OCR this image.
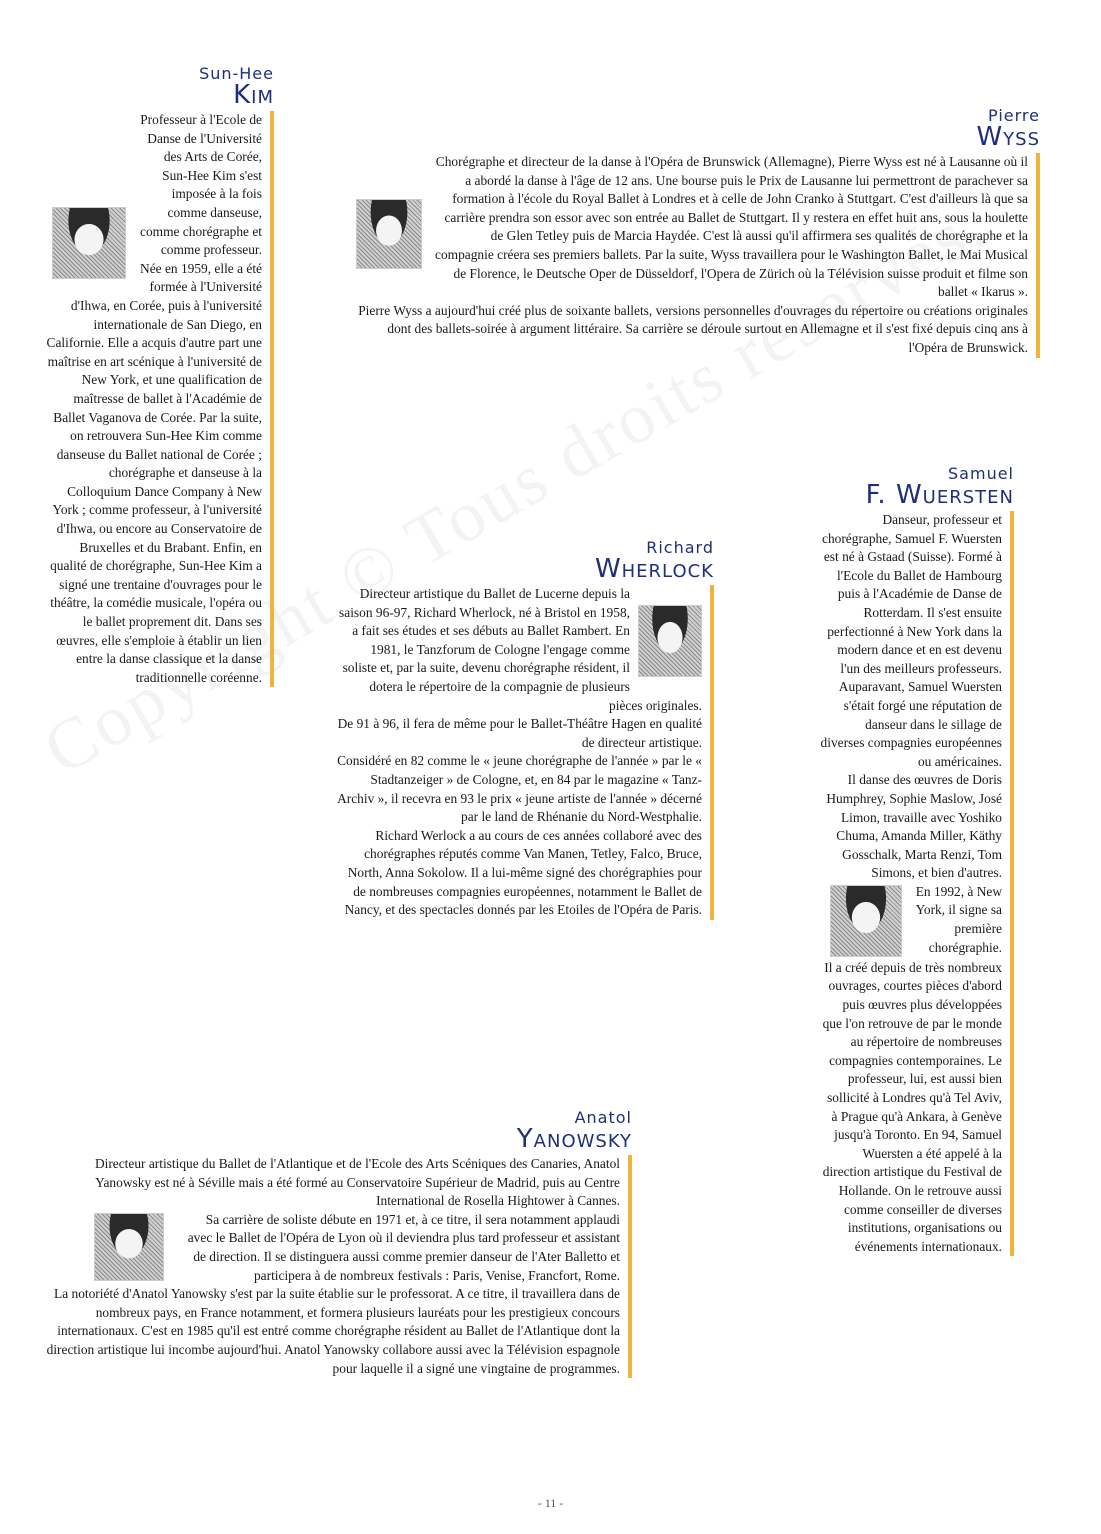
Sun-Hee
Kim

Professeur à l'Ecole de Danse de l'Université des Arts de Corée, Sun-Hee Kim s'est imposée à la fois comme danseuse, comme chorégraphe et comme professeur. Née en 1959, elle a été formée à l'Université d'Ihwa, en Corée, puis à l'université internationale de San Diego, en Californie. Elle a acquis d'autre part une maîtrise en art scénique à l'université de New York, et une qualification de maîtresse de ballet à l'Académie de Ballet Vaganova de Corée. Par la suite, on retrouvera Sun-Hee Kim comme danseuse du Ballet national de Corée ; chorégraphe et danseuse à la Colloquium Dance Company à New York ; comme professeur, à l'université d'Ihwa, ou encore au Conservatoire de Bruxelles et du Brabant. Enfin, en qualité de chorégraphe, Sun-Hee Kim a signé une trentaine d'ouvrages pour le théâtre, la comédie musicale, l'opéra ou le ballet proprement dit. Dans ses œuvres, elle s'emploie à établir un lien entre la danse classique et la danse traditionnelle coréenne.

Pierre
Wyss

Chorégraphe et directeur de la danse à l'Opéra de Brunswick (Allemagne), Pierre Wyss est né à Lausanne où il a abordé la danse à l'âge de 12 ans. Une bourse puis le Prix de Lausanne lui permettront de parachever sa formation à l'école du Royal Ballet à Londres et à celle de John Cranko à Stuttgart. C'est d'ailleurs là que sa carrière prendra son essor avec son entrée au Ballet de Stuttgart. Il y restera en effet huit ans, sous la houlette de Glen Tetley puis de Marcia Haydée. C'est là aussi qu'il affirmera ses qualités de chorégraphe et la compagnie créera ses premiers ballets. Par la suite, Wyss travaillera pour le Washington Ballet, le Mai Musical de Florence, le Deutsche Oper de Düsseldorf, l'Opera de Zürich où la Télévision suisse produit et filme son ballet « Ikarus ».

Pierre Wyss a aujourd'hui créé plus de soixante ballets, versions personnelles d'ouvrages du répertoire ou créations originales dont des ballets-soirée à argument littéraire. Sa carrière se déroule surtout en Allemagne et il s'est fixé depuis cinq ans à l'Opéra de Brunswick.

Richard
Wherlock

Directeur artistique du Ballet de Lucerne depuis la saison 96-97, Richard Wherlock, né à Bristol en 1958, a fait ses études et ses débuts au Ballet Rambert. En 1981, le Tanzforum de Cologne l'engage comme soliste et, par la suite, devenu chorégraphe résident, il dotera le répertoire de la compagnie de plusieurs pièces originales.

De 91 à 96, il fera de même pour le Ballet-Théâtre Hagen en qualité de directeur artistique.

Considéré en 82 comme le « jeune chorégraphe de l'année » par le « Stadtanzeiger » de Cologne, et, en 84 par le magazine « Tanz-Archiv », il recevra en 93 le prix « jeune artiste de l'année » décerné par le land de Rhénanie du Nord-Westphalie.

Richard Werlock a au cours de ces années collaboré avec des chorégraphes réputés comme Van Manen, Tetley, Falco, Bruce, North, Anna Sokolow. Il a lui-même signé des chorégraphies pour de nombreuses compagnies européennes, notamment le Ballet de Nancy, et des spectacles donnés par les Etoiles de l'Opéra de Paris.

Samuel
F. Wuersten

Danseur, professeur et chorégraphe, Samuel F. Wuersten est né à Gstaad (Suisse). Formé à l'Ecole du Ballet de Hambourg puis à l'Académie de Danse de Rotterdam. Il s'est ensuite perfectionné à New York dans la modern dance et en est devenu l'un des meilleurs professeurs.

Auparavant, Samuel Wuersten s'était forgé une réputation de danseur dans le sillage de diverses compagnies européennes ou américaines.

Il danse des œuvres de Doris Humphrey, Sophie Maslow, José Limon, travaille avec Yoshiko Chuma, Amanda Miller, Käthy Gosschalk, Marta Renzi, Tom Simons, et bien d'autres.

En 1992, à New York, il signe sa première chorégraphie.

Il a créé depuis de très nombreux ouvrages, courtes pièces d'abord puis œuvres plus développées que l'on retrouve de par le monde au répertoire de nombreuses compagnies contemporaines. Le professeur, lui, est aussi bien sollicité à Londres qu'à Tel Aviv, à Prague qu'à Ankara, à Genève jusqu'à Toronto. En 94, Samuel Wuersten a été appelé à la direction artistique du Festival de Hollande. On le retrouve aussi comme conseiller de diverses institutions, organisations ou événements internationaux.

Anatol
Yanowsky

Directeur artistique du Ballet de l'Atlantique et de l'Ecole des Arts Scéniques des Canaries, Anatol Yanowsky est né à Séville mais a été formé au Conservatoire Supérieur de Madrid, puis au Centre International de Rosella Hightower à Cannes.

Sa carrière de soliste débute en 1971 et, à ce titre, il sera notamment applaudi avec le Ballet de l'Opéra de Lyon où il deviendra plus tard professeur et assistant de direction. Il se distinguera aussi comme premier danseur de l'Ater Balletto et participera à de nombreux festivals : Paris, Venise, Francfort, Rome.

La notoriété d'Anatol Yanowsky s'est par la suite établie sur le professorat. A ce titre, il travaillera dans de nombreux pays, en France notamment, et formera plusieurs lauréats pour les prestigieux concours internationaux. C'est en 1985 qu'il est entré comme chorégraphe résident au Ballet de l'Atlantique dont la direction artistique lui incombe aujourd'hui. Anatol Yanowsky collabore aussi avec la Télévision espagnole pour laquelle il a signé une vingtaine de programmes.

- 11 -
